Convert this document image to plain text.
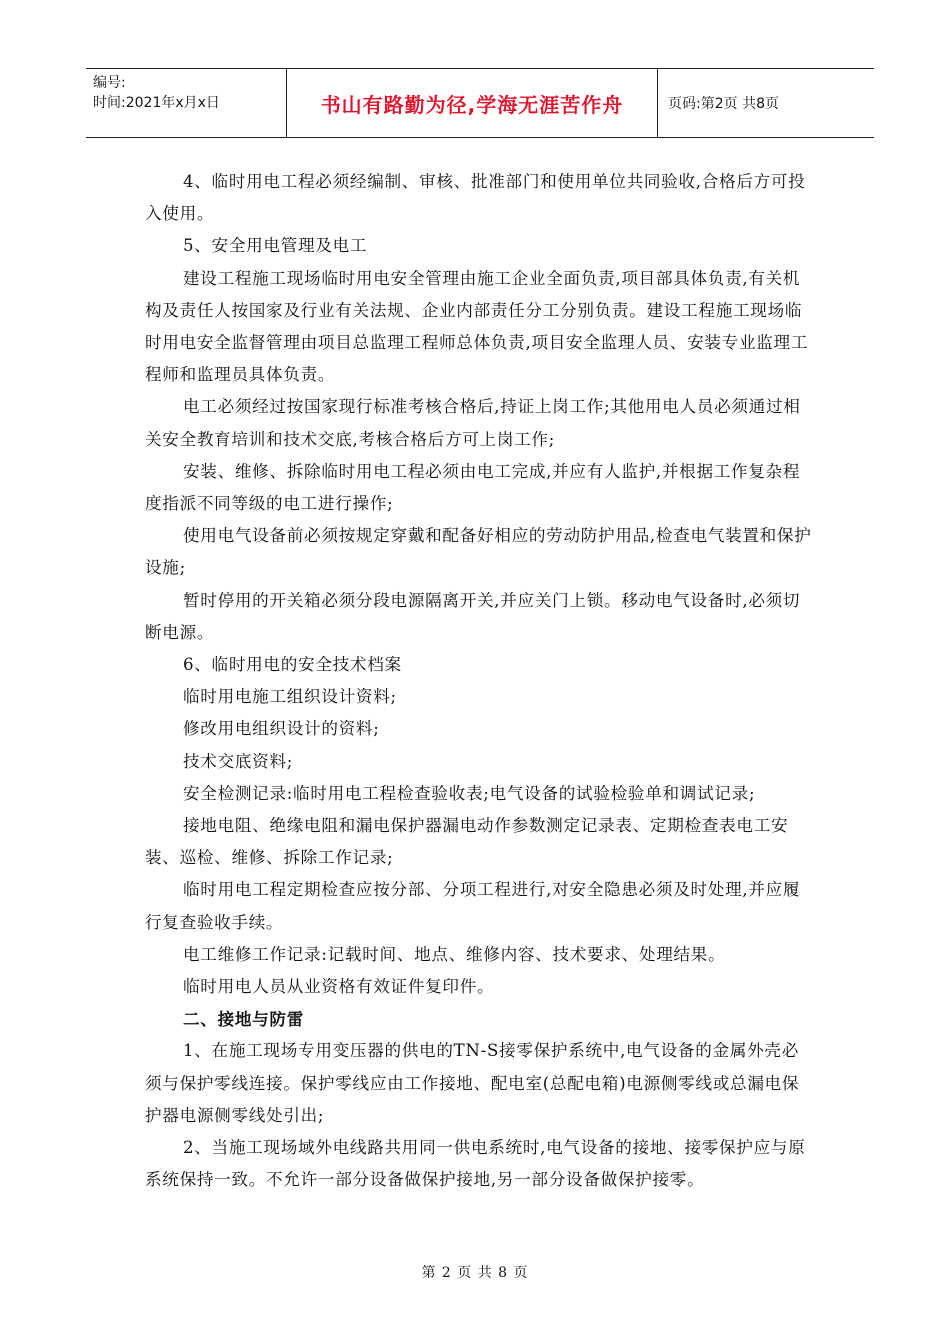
编号:
时间:2021年x月x日	书山有路勤为径,学海无涯苦作舟	页码:第2页 共8页

4、临时用电工程必须经编制、审核、批准部门和使用单位共同验收,合格后方可投入使用。

5、安全用电管理及电工

建设工程施工现场临时用电安全管理由施工企业全面负责,项目部具体负责,有关机构及责任人按国家及行业有关法规、企业内部责任分工分别负责。建设工程施工现场临时用电安全监督管理由项目总监理工程师总体负责,项目安全监理人员、安装专业监理工程师和监理员具体负责。

电工必须经过按国家现行标准考核合格后,持证上岗工作;其他用电人员必须通过相关安全教育培训和技术交底,考核合格后方可上岗工作;

安装、维修、拆除临时用电工程必须由电工完成,并应有人监护,并根据工作复杂程度指派不同等级的电工进行操作;

使用电气设备前必须按规定穿戴和配备好相应的劳动防护用品,检查电气装置和保护设施;

暂时停用的开关箱必须分段电源隔离开关,并应关门上锁。移动电气设备时,必须切断电源。

6、临时用电的安全技术档案

临时用电施工组织设计资料;

修改用电组织设计的资料;

技术交底资料;

安全检测记录:临时用电工程检查验收表;电气设备的试验检验单和调试记录;

接地电阻、绝缘电阻和漏电保护器漏电动作参数测定记录表、定期检查表电工安装、巡检、维修、拆除工作记录;

临时用电工程定期检查应按分部、分项工程进行,对安全隐患必须及时处理,并应履行复查验收手续。

电工维修工作记录:记载时间、地点、维修内容、技术要求、处理结果。

临时用电人员从业资格有效证件复印件。

二、接地与防雷

1、在施工现场专用变压器的供电的TN-S接零保护系统中,电气设备的金属外壳必须与保护零线连接。保护零线应由工作接地、配电室(总配电箱)电源侧零线或总漏电保护器电源侧零线处引出;

2、当施工现场域外电线路共用同一供电系统时,电气设备的接地、接零保护应与原系统保持一致。不允许一部分设备做保护接地,另一部分设备做保护接零。

第 2 页 共 8 页
